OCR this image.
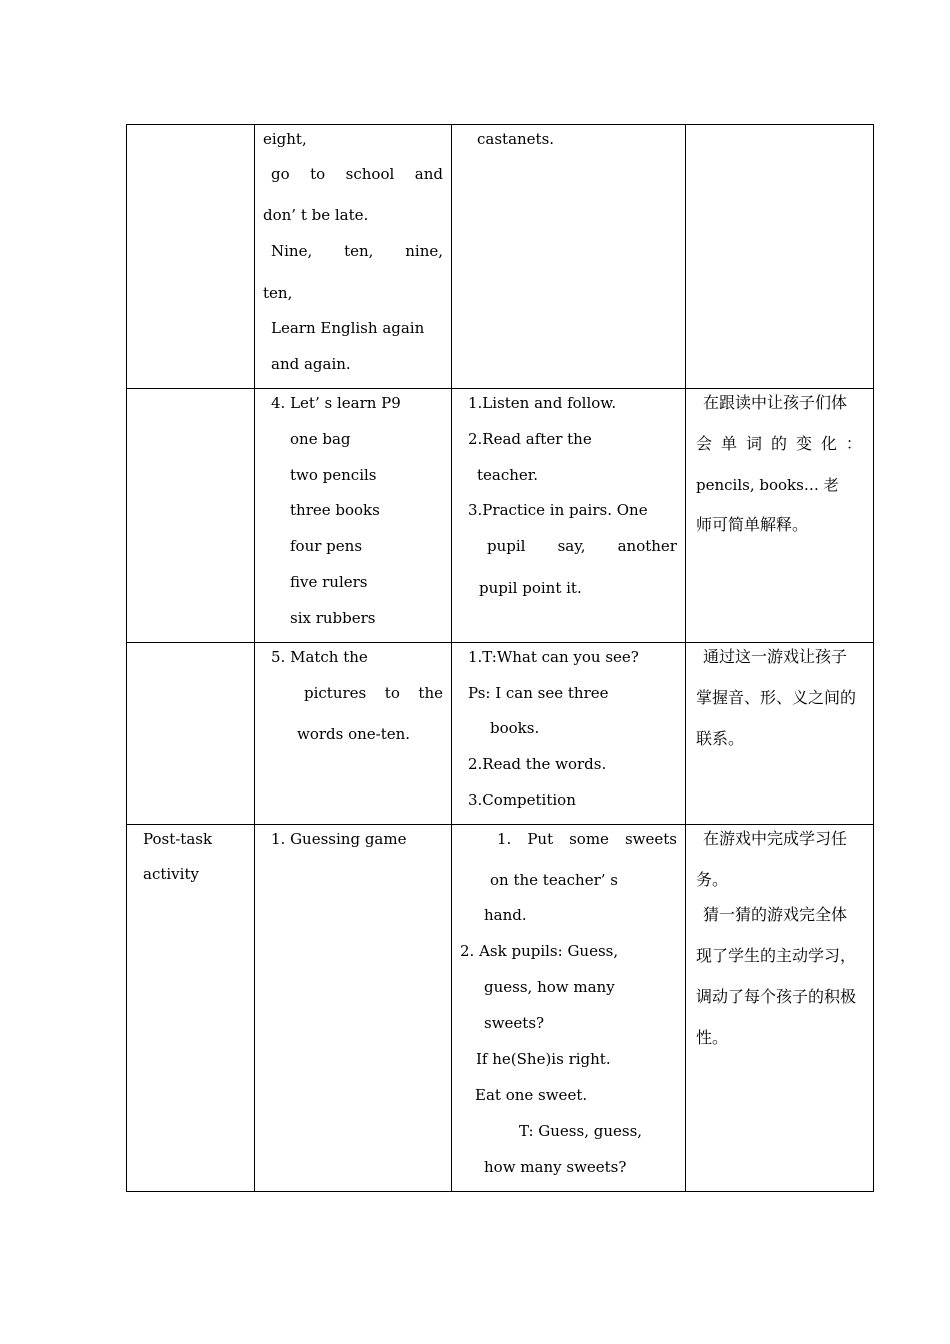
eight,
go to school and
don’ t be late.
Nine, ten, nine,
ten,
Learn English again
and again.
castanets.
4. Let’ s learn P9
one bag
two pencils
three books
four pens
five rulers
six rubbers
1.Listen and follow.
2.Read after the
teacher.
3.Practice in pairs. One
pupil say, another
pupil point it.
在跟读中让孩子们体
会 单 词 的 变 化 ：
pencils, books… 老
师可简单解释。
5. Match the
pictures to the
words one-ten.
1.T:What can you see?
Ps: I can see three
books.
2.Read the words.
3.Competition
通过这一游戏让孩子
掌握音、形、义之间的
联系。
Post-task
activity
1. Guessing game	1. Put some sweets
on the teacher’ s
hand.
2. Ask pupils: Guess,
guess, how many
sweets?
If he(She)is right.
Eat one sweet.
T: Guess, guess,
how many sweets?
在游戏中完成学习任
务。
猜一猜的游戏完全体
现了学生的主动学习，
调动了每个孩子的积极
性。
